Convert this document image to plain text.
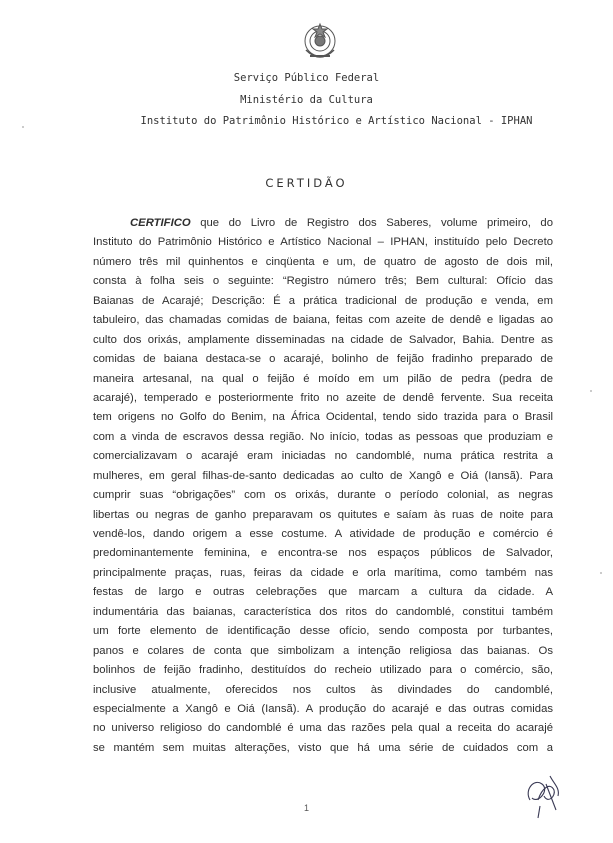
Serviço Público Federal
Ministério da Cultura
Instituto do Patrimônio Histórico e Artístico Nacional - IPHAN
CERTIDÃO
CERTIFICO que do Livro de Registro dos Saberes, volume primeiro, do
Instituto do Patrimônio Histórico e Artístico Nacional – IPHAN, instituído pelo Decreto
número três mil quinhentos e cinqüenta e um, de quatro de agosto de dois mil,
consta à folha seis o seguinte: “Registro número três; Bem cultural: Ofício das
Baianas de Acarajé; Descrição: É a prática tradicional de produção e venda, em
tabuleiro, das chamadas comidas de baiana, feitas com azeite de dendê e ligadas ao
culto dos orixás, amplamente disseminadas na cidade de Salvador, Bahia. Dentre as
comidas de baiana destaca-se o acarajé, bolinho de feijão fradinho preparado de
maneira artesanal, na qual o feijão é moído em um pilão de pedra (pedra de
acarajé), temperado e posteriormente frito no azeite de dendê fervente. Sua receita
tem origens no Golfo do Benim, na África Ocidental, tendo sido trazida para o Brasil
com a vinda de escravos dessa região. No início, todas as pessoas que produziam e
comercializavam o acarajé eram iniciadas no candomblé, numa prática restrita a
mulheres, em geral filhas-de-santo dedicadas ao culto de Xangô e Oiá (Iansã). Para
cumprir suas “obrigações” com os orixás, durante o período colonial, as negras
libertas ou negras de ganho preparavam os quitutes e saíam às ruas de noite para
vendê-los, dando origem a esse costume. A atividade de produção e comércio é
predominantemente feminina, e encontra-se nos espaços públicos de Salvador,
principalmente praças, ruas, feiras da cidade e orla marítima, como também nas
festas de largo e outras celebrações que marcam a cultura da cidade. A
indumentária das baianas, característica dos ritos do candomblé, constitui também
um forte elemento de identificação desse ofício, sendo composta por turbantes,
panos e colares de conta que simbolizam a intenção religiosa das baianas. Os
bolinhos de feijão fradinho, destituídos do recheio utilizado para o comércio, são,
inclusive atualmente, oferecidos nos cultos às divindades do candomblé,
especialmente a Xangô e Oiá (Iansã). A produção do acarajé e das outras comidas
no universo religioso do candomblé é uma das razões pela qual a receita do acarajé
se mantém sem muitas alterações, visto que há uma série de cuidados com a
1
